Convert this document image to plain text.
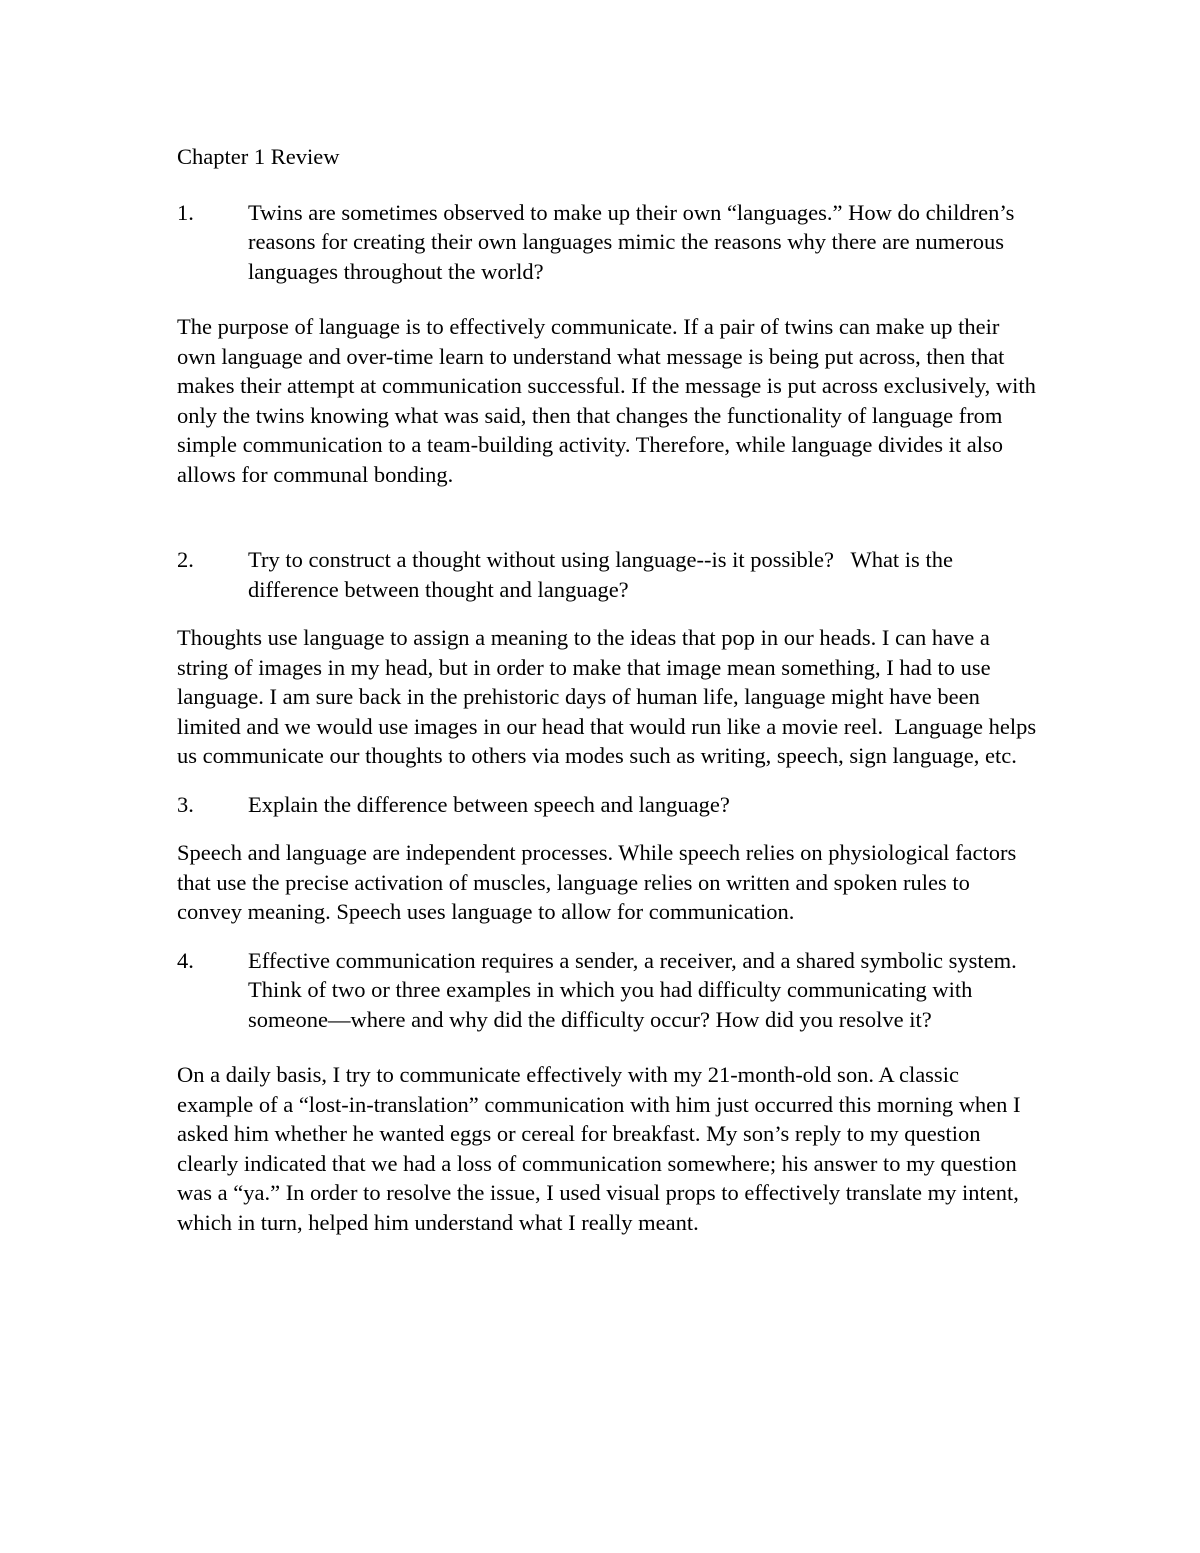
Chapter 1 Review

1.	Twins are sometimes observed to make up their own “languages.” How do children’s reasons for creating their own languages mimic the reasons why there are numerous languages throughout the world?

The purpose of language is to effectively communicate. If a pair of twins can make up their own language and over-time learn to understand what message is being put across, then that makes their attempt at communication successful. If the message is put across exclusively, with only the twins knowing what was said, then that changes the functionality of language from simple communication to a team-building activity. Therefore, while language divides it also allows for communal bonding.

2.	Try to construct a thought without using language--is it possible?   What is the difference between thought and language?

Thoughts use language to assign a meaning to the ideas that pop in our heads. I can have a string of images in my head, but in order to make that image mean something, I had to use language. I am sure back in the prehistoric days of human life, language might have been limited and we would use images in our head that would run like a movie reel.  Language helps us communicate our thoughts to others via modes such as writing, speech, sign language, etc.

3.	Explain the difference between speech and language?

Speech and language are independent processes. While speech relies on physiological factors that use the precise activation of muscles, language relies on written and spoken rules to convey meaning. Speech uses language to allow for communication.

4.	Effective communication requires a sender, a receiver, and a shared symbolic system. Think of two or three examples in which you had difficulty communicating with someone—where and why did the difficulty occur? How did you resolve it?

On a daily basis, I try to communicate effectively with my 21-month-old son. A classic example of a “lost-in-translation” communication with him just occurred this morning when I asked him whether he wanted eggs or cereal for breakfast. My son’s reply to my question clearly indicated that we had a loss of communication somewhere; his answer to my question was a “ya.” In order to resolve the issue, I used visual props to effectively translate my intent, which in turn, helped him understand what I really meant.
